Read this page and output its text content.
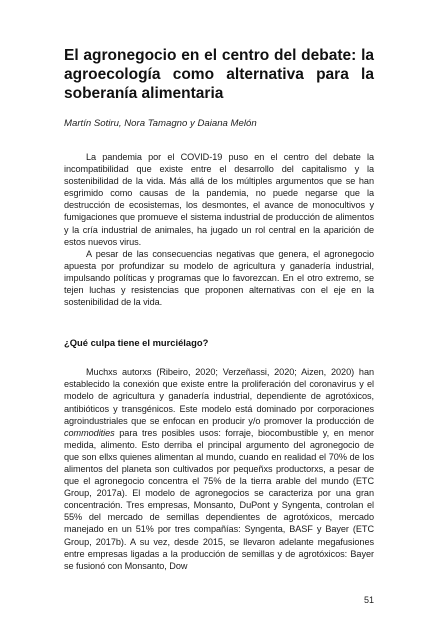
El agronegocio en el centro del debate: la agroecología como alternativa para la soberanía alimentaria

Martín Sotiru, Nora Tamagno y Daiana Melón

La pandemia por el COVID-19 puso en el centro del debate la incompatibilidad que existe entre el desarrollo del capitalismo y la sostenibilidad de la vida. Más allá de los múltiples argumentos que se han esgrimido como causas de la pandemia, no puede negarse que la destrucción de ecosistemas, los desmontes, el avance de monocultivos y fumigaciones que promueve el sistema industrial de producción de alimentos y la cría industrial de animales, ha jugado un rol central en la aparición de estos nuevos virus.

A pesar de las consecuencias negativas que genera, el agronegocio apuesta por profundizar su modelo de agricultura y ganadería industrial, impulsando políticas y programas que lo favorezcan. En el otro extremo, se tejen luchas y resistencias que proponen alternativas con el eje en la sostenibilidad de la vida.

¿Qué culpa tiene el murciélago?

Muchxs autorxs (Ribeiro, 2020; Verzeñassi, 2020; Aizen, 2020) han establecido la conexión que existe entre la proliferación del coronavirus y el modelo de agricultura y ganadería industrial, dependiente de agrotóxicos, antibióticos y transgénicos. Este modelo está dominado por corporaciones agroindustriales que se enfocan en producir y/o promover la producción de commodities para tres posibles usos: forraje, biocombustible y, en menor medida, alimento. Esto derriba el principal argumento del agronegocio de que son ellxs quienes alimentan al mundo, cuando en realidad el 70% de los alimentos del planeta son cultivados por pequeñxs productorxs, a pesar de que el agronegocio concentra el 75% de la tierra arable del mundo (ETC Group, 2017a). El modelo de agronegocios se caracteriza por una gran concentración. Tres empresas, Monsanto, DuPont y Syngenta, controlan el 55% del mercado de semillas dependientes de agrotóxicos, mercado manejado en un 51% por tres compañías: Syngenta, BASF y Bayer (ETC Group, 2017b). A su vez, desde 2015, se llevaron adelante megafusiones entre empresas ligadas a la producción de semillas y de agrotóxicos: Bayer se fusionó con Monsanto, Dow

51
